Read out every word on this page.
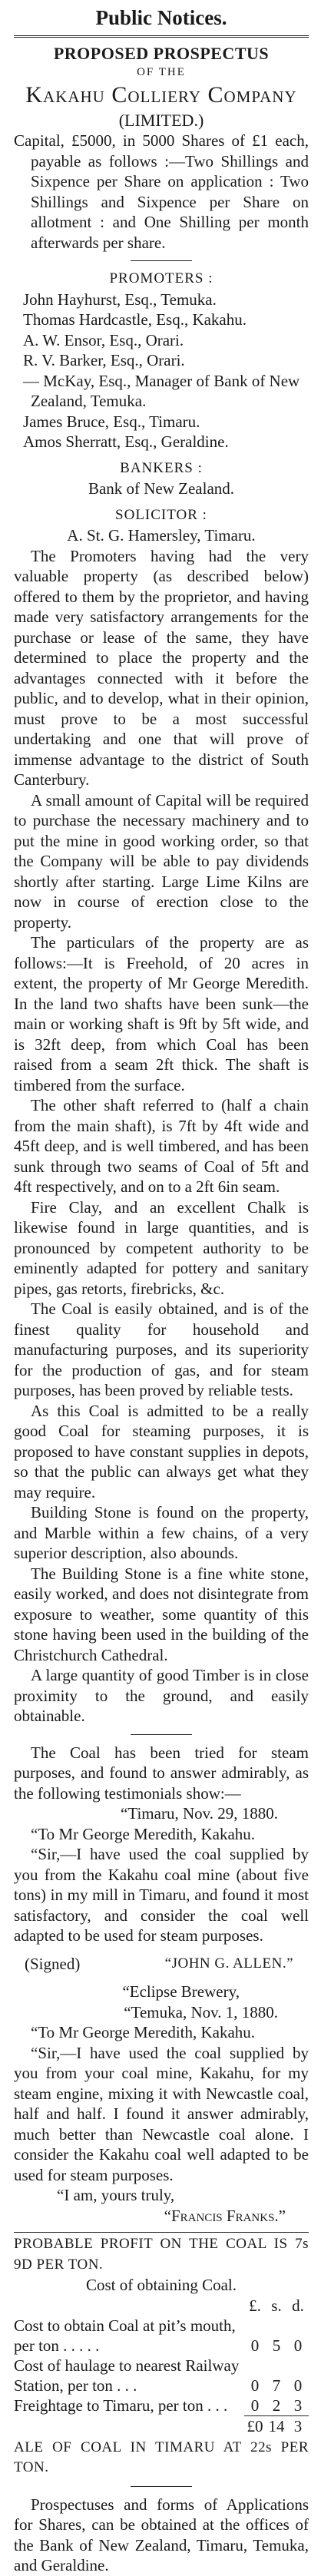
Public Notices.
PROPOSED PROSPECTUS
OF THE
Kakahu Colliery Company
(LIMITED.)

Capital, £5000, in 5000 Shares of £1 each, payable as follows :—Two Shillings and Sixpence per Share on application : Two Shillings and Sixpence per Share on allotment : and One Shilling per month afterwards per share.

PROMOTERS :
John Hayhurst, Esq., Temuka.
Thomas Hardcastle, Esq., Kakahu.
A. W. Ensor, Esq., Orari.
R. V. Barker, Esq., Orari.
— McKay, Esq., Manager of Bank of New Zealand, Temuka.
James Bruce, Esq., Timaru.
Amos Sherratt, Esq., Geraldine.
BANKERS :
Bank of New Zealand.
SOLICITOR :
A. St. G. Hamersley, Timaru.

The Promoters having had the very valuable property (as described below) offered to them by the proprietor, and having made very satisfactory arrangements for the purchase or lease of the same, they have determined to place the property and the advantages connected with it before the public, and to develop, what in their opinion, must prove to be a most successful undertaking and one that will prove of immense advantage to the district of South Canterbury.

A small amount of Capital will be required to purchase the necessary machinery and to put the mine in good working order, so that the Company will be able to pay dividends shortly after starting. Large Lime Kilns are now in course of erection close to the property.

The particulars of the property are as follows:—It is Freehold, of 20 acres in extent, the property of Mr George Meredith. In the land two shafts have been sunk—the main or working shaft is 9ft by 5ft wide, and is 32ft deep, from which Coal has been raised from a seam 2ft thick. The shaft is timbered from the surface.

The other shaft referred to (half a chain from the main shaft), is 7ft by 4ft wide and 45ft deep, and is well timbered, and has been sunk through two seams of Coal of 5ft and 4ft respectively, and on to a 2ft 6in seam.

Fire Clay, and an excellent Chalk is likewise found in large quantities, and is pronounced by competent authority to be eminently adapted for pottery and sanitary pipes, gas retorts, firebricks, &c.

The Coal is easily obtained, and is of the finest quality for household and manufacturing purposes, and its superiority for the production of gas, and for steam purposes, has been proved by reliable tests.

As this Coal is admitted to be a really good Coal for steaming purposes, it is proposed to have constant supplies in depots, so that the public can always get what they may require.

Building Stone is found on the property, and Marble within a few chains, of a very superior description, also abounds.

The Building Stone is a fine white stone, easily worked, and does not disintegrate from exposure to weather, some quantity of this stone having been used in the building of the Christchurch Cathedral.

A large quantity of good Timber is in close proximity to the ground, and easily obtainable.

The Coal has been tried for steam purposes, and found to answer admirably, as the following testimonials show:—

“Timaru, Nov. 29, 1880.

“To Mr George Meredith, Kakahu.

“Sir,—I have used the coal supplied by you from the Kakahu coal mine (about five tons) in my mill in Timaru, and found it most satisfactory, and consider the coal well adapted to be used for steam purposes.

(Signed)	“JOHN G. ALLEN.”
“Eclipse Brewery,
“Temuka, Nov. 1, 1880.

“To Mr George Meredith, Kakahu.

“Sir,—I have used the coal supplied by you from your coal mine, Kakahu, for my steam engine, mixing it with Newcastle coal, half and half. I found it answer admirably, much better than Newcastle coal alone. I consider the Kakahu coal well adapted to be used for steam purposes.

“I am, yours truly,
“Francis Franks.”
PROBABLE PROFIT ON THE COAL IS 7s 9D PER TON.
Cost of obtaining Coal.
	£.	s.	d.
Cost to obtain Coal at pit’s mouth, per ton . . . . .	0	5	0
Cost of haulage to nearest Railway Station, per ton . . .	0	7	0
Freightage to Timaru, per ton . . .	0	2	3
	£0	14	3
ALE OF COAL IN TIMARU AT 22s PER TON.

Prospectuses and forms of Applications for Shares, can be obtained at the offices of the Bank of New Zealand, Timaru, Temuka, and Geraldine.
